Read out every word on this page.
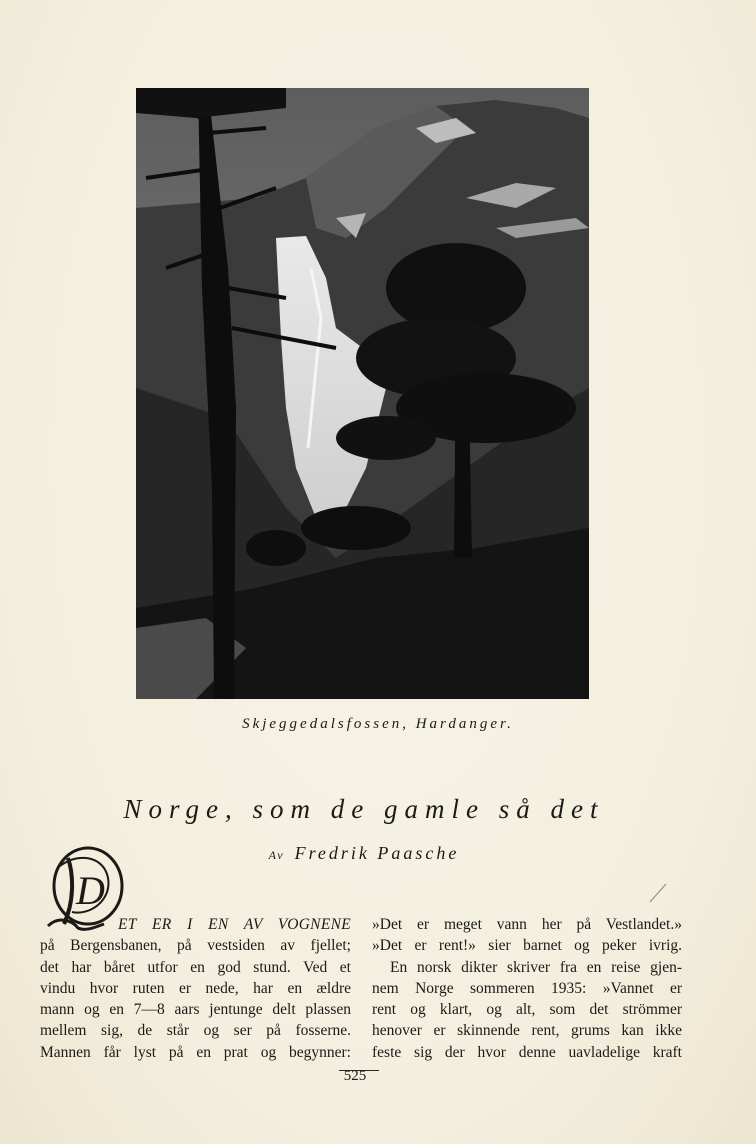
Skjeggedalsfossen, Hardanger.
Norge, som de gamle så det
Av Fredrik Paasche
D
ET ER I EN AV VOGNENE
på Bergensbanen, på vestsiden av fjellet;
det har båret utfor en god stund. Ved et
vindu hvor ruten er nede, har en ældre
mann og en 7—8 aars jentunge delt plassen
mellem sig, de står og ser på fosserne.
Mannen får lyst på en prat og begynner:
»Det er meget vann her på Vestlandet.»
»Det er rent!» sier barnet og peker ivrig.
En norsk dikter skriver fra en reise gjen-
nem Norge sommeren 1935: »Vannet er
rent og klart, og alt, som det strömmer
henover er skinnende rent, grums kan ikke
feste sig der hvor denne uavladelige kraft
525
